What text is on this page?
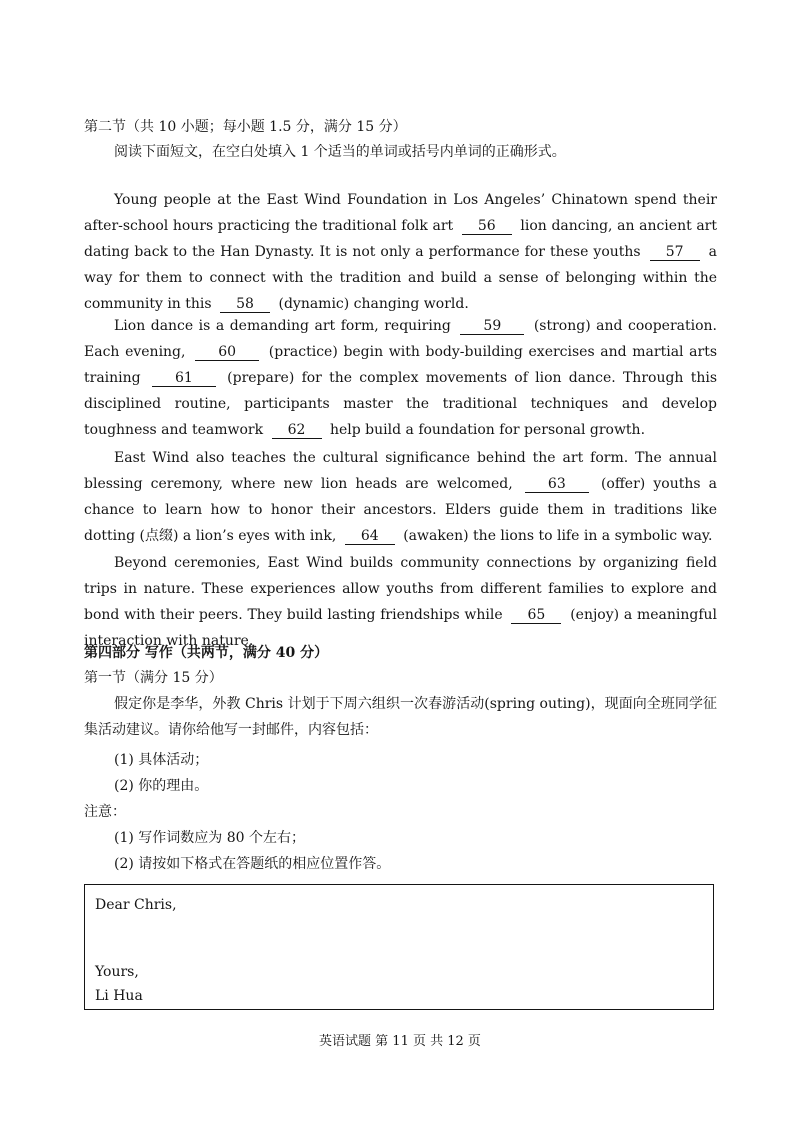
第二节（共 10 小题；每小题 1.5 分，满分 15 分）
阅读下面短文，在空白处填入 1 个适当的单词或括号内单词的正确形式。
Young people at the East Wind Foundation in Los Angeles’ Chinatown spend their after-school hours practicing the traditional folk art 56 lion dancing, an ancient art dating back to the Han Dynasty. It is not only a performance for these youths 57 a way for them to connect with the tradition and build a sense of belonging within the community in this 58 (dynamic) changing world.
Lion dance is a demanding art form, requiring 59 (strong) and cooperation. Each evening, 60 (practice) begin with body-building exercises and martial arts training 61 (prepare) for the complex movements of lion dance. Through this disciplined routine, participants master the traditional techniques and develop toughness and teamwork 62 help build a foundation for personal growth.
East Wind also teaches the cultural significance behind the art form. The annual blessing ceremony, where new lion heads are welcomed,	63	(offer) youths a chance to learn how to honor their ancestors. Elders guide them in traditions like dotting (点缀) a lion’s eyes with ink, 64 (awaken) the lions to life in a symbolic way.
Beyond ceremonies, East Wind builds community connections by organizing field trips in nature. These experiences allow youths from different families to explore and bond with their peers. They build lasting friendships while 65 (enjoy) a meaningful interaction with nature.
第四部分 写作（共两节，满分 40 分）
第一节（满分 15 分）
假定你是李华，外教 Chris 计划于下周六组织一次春游活动(spring outing)，现面向全班同学征集活动建议。请你给他写一封邮件，内容包括：
(1) 具体活动；
(2) 你的理由。
注意：
(1) 写作词数应为 80 个左右；
(2) 请按如下格式在答题纸的相应位置作答。
Dear Chris,
Yours,
Li Hua
英语试题 第 11 页 共 12 页
